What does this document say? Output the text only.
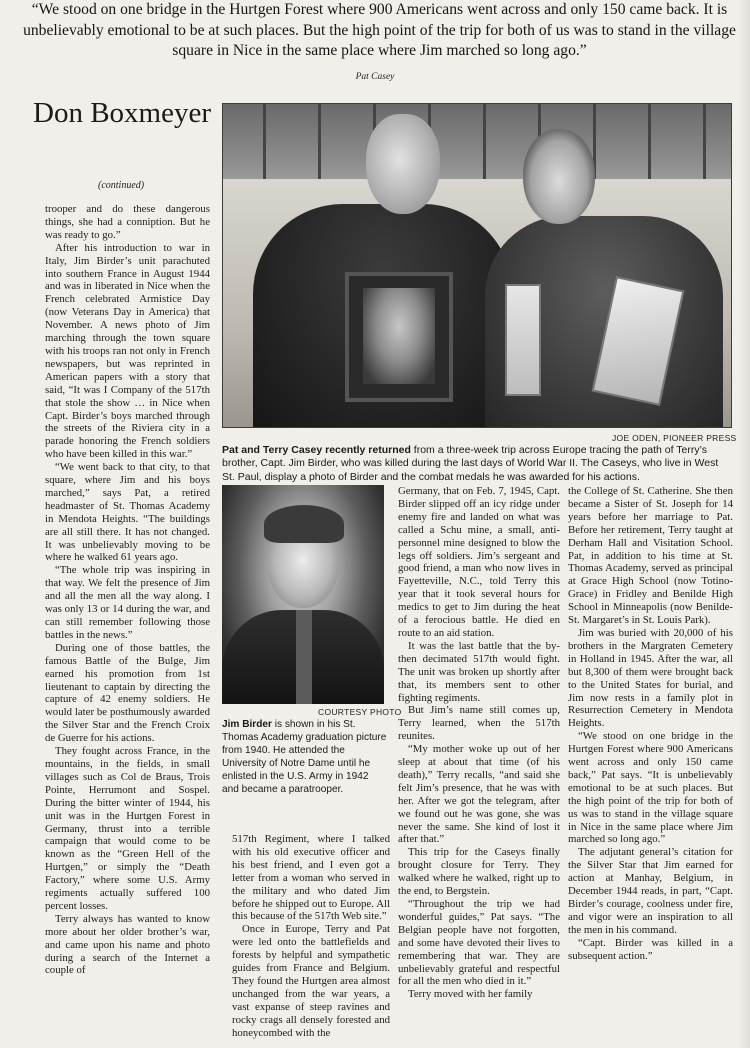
“We stood on one bridge in the Hurtgen Forest where 900 Americans went across and only 150 came back. It is unbelievably emotional to be at such places. But the high point of the trip for both of us was to stand in the village square in Nice in the same place where Jim marched so long ago.”
Pat Casey
Don Boxmeyer
(continued)
JOE ODEN, PIONEER PRESS
Pat and Terry Casey recently returned from a three-week trip across Europe tracing the path of Terry’s brother, Capt. Jim Birder, who was killed during the last days of World War II. The Caseys, who live in West St. Paul, display a photo of Birder and the combat medals he was awarded for his actions.
COURTESY PHOTO
Jim Birder is shown in his St. Thomas Academy graduation picture from 1940. He attended the University of Notre Dame until he enlisted in the U.S. Army in 1942 and became a paratrooper.

trooper and do these dangerous things, she had a conniption. But he was ready to go.”

After his introduction to war in Italy, Jim Birder’s unit parachuted into southern France in August 1944 and was in liberated in Nice when the French celebrated Armistice Day (now Veterans Day in America) that November. A news photo of Jim marching through the town square with his troops ran not only in French newspapers, but was reprinted in American papers with a story that said, “It was I Company of the 517th that stole the show … in Nice when Capt. Birder’s boys marched through the streets of the Riviera city in a parade honoring the French soldiers who have been killed in this war.”

“We went back to that city, to that square, where Jim and his boys marched,” says Pat, a retired headmaster of St. Thomas Academy in Mendota Heights. “The buildings are all still there. It has not changed. It was unbelievably moving to be where he walked 61 years ago.

“The whole trip was inspiring in that way. We felt the presence of Jim and all the men all the way along. I was only 13 or 14 during the war, and can still remember following those battles in the news.”

During one of those battles, the famous Battle of the Bulge, Jim earned his promotion from 1st lieutenant to captain by directing the capture of 42 enemy soldiers. He would later be posthumously awarded the Silver Star and the French Croix de Guerre for his actions.

They fought across France, in the mountains, in the fields, in small villages such as Col de Braus, Trois Pointe, Herrumont and Sospel. During the bitter winter of 1944, his unit was in the Hurtgen Forest in Germany, thrust into a terrible campaign that would come to be known as the “Green Hell of the Hurtgen,” or simply the “Death Factory,” where some U.S. Army regiments actually suffered 100 percent losses.

Terry always has wanted to know more about her older brother’s war, and came upon his name and photo during a search of the Internet a couple of

517th Regiment, where I talked with his old executive officer and his best friend, and I even got a letter from a woman who served in the military and who dated Jim before he shipped out to Europe. All this because of the 517th Web site.”

Once in Europe, Terry and Pat were led onto the battlefields and forests by helpful and sympathetic guides from France and Belgium. They found the Hurtgen area almost unchanged from the war years, a vast expanse of steep ravines and rocky crags all densely forested and honeycombed with the

Germany, that on Feb. 7, 1945, Capt. Birder slipped off an icy ridge under enemy fire and landed on what was called a Schu mine, a small, anti-personnel mine designed to blow the legs off soldiers. Jim’s sergeant and good friend, a man who now lives in Fayetteville, N.C., told Terry this year that it took several hours for medics to get to Jim during the heat of a ferocious battle. He died en route to an aid station.

It was the last battle that the by-then decimated 517th would fight. The unit was broken up shortly after that, its members sent to other fighting regiments.

But Jim’s name still comes up, Terry learned, when the 517th reunites.

“My mother woke up out of her sleep at about that time (of his death),” Terry recalls, “and said she felt Jim’s presence, that he was with her. After we got the telegram, after we found out he was gone, she was never the same. She kind of lost it after that.”

This trip for the Caseys finally brought closure for Terry. They walked where he walked, right up to the end, to Bergstein.

“Throughout the trip we had wonderful guides,” Pat says. “The Belgian people have not forgotten, and some have devoted their lives to remembering that war. They are unbelievably grateful and respectful for all the men who died in it.”

Terry moved with her family

the College of St. Catherine. She then became a Sister of St. Joseph for 14 years before her marriage to Pat. Before her retirement, Terry taught at Derham Hall and Visitation School. Pat, in addition to his time at St. Thomas Academy, served as principal at Grace High School (now Totino-Grace) in Fridley and Benilde High School in Minneapolis (now Benilde-St. Margaret’s in St. Louis Park).

Jim was buried with 20,000 of his brothers in the Margraten Cemetery in Holland in 1945. After the war, all but 8,300 of them were brought back to the United States for burial, and Jim now rests in a family plot in Resurrection Cemetery in Mendota Heights.

“We stood on one bridge in the Hurtgen Forest where 900 Americans went across and only 150 came back,” Pat says. “It is unbelievably emotional to be at such places. But the high point of the trip for both of us was to stand in the village square in Nice in the same place where Jim marched so long ago.”

The adjutant general’s citation for the Silver Star that Jim earned for action at Manhay, Belgium, in December 1944 reads, in part, “Capt. Birder’s courage, coolness under fire, and vigor were an inspiration to all the men in his command.

“Capt. Birder was killed in a subsequent action.”
